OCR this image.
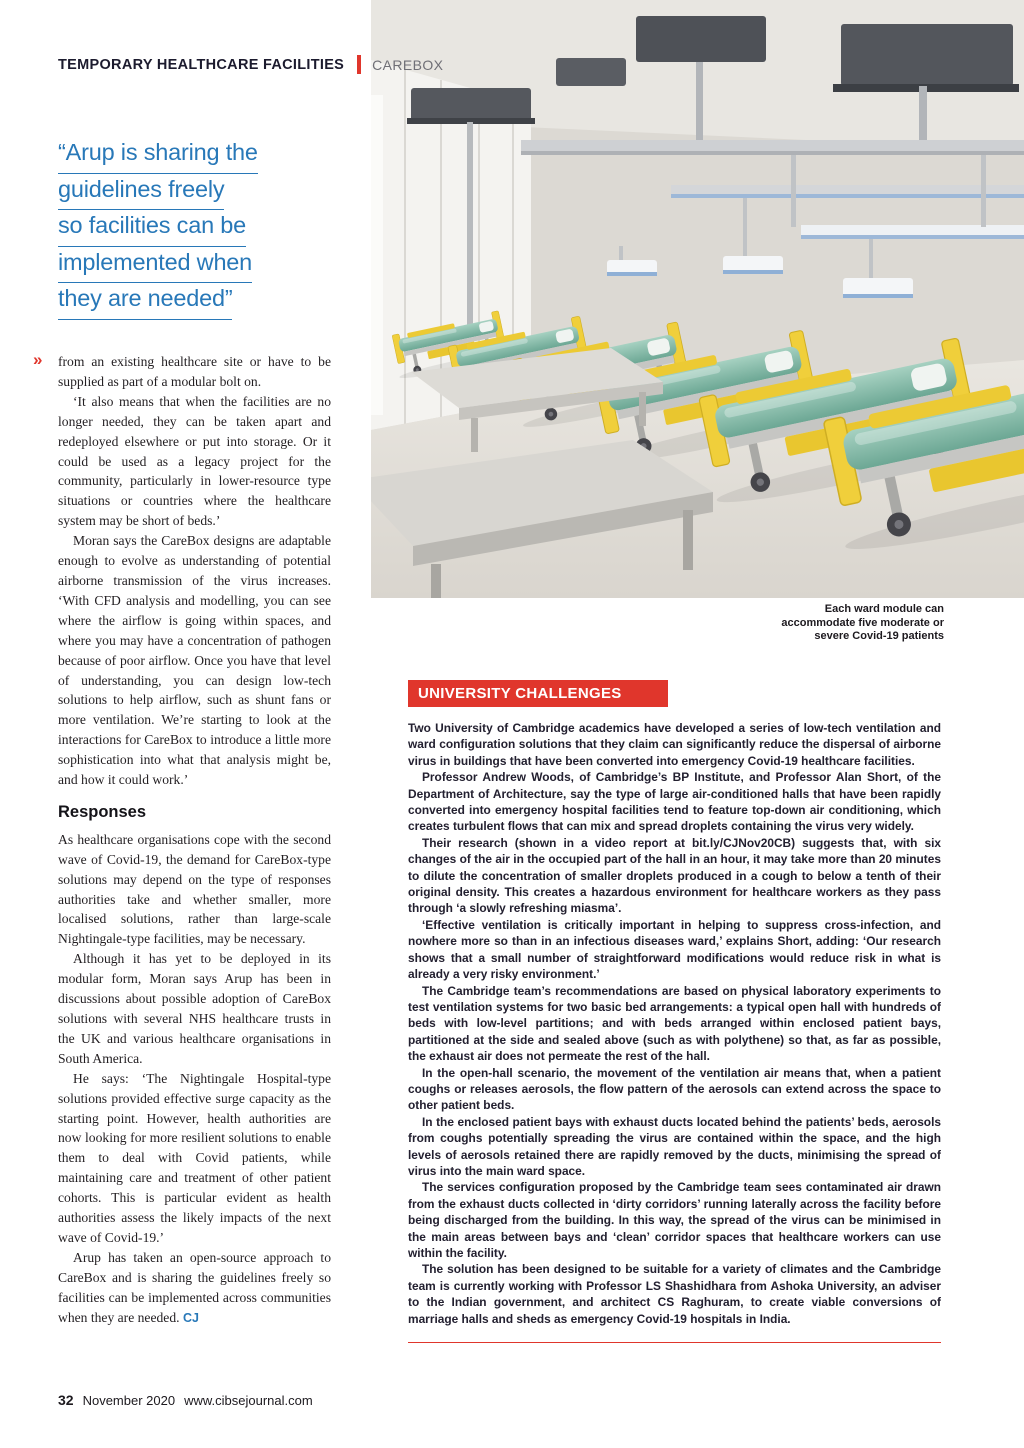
Each ward module can
accommodate five moderate or
severe Covid-19 patients
TEMPORARY HEALTHCARE FACILITIES CAREBOX
“Arup is sharing the
guidelines freely
so facilities can be
implemented when
they are needed”

» from an existing healthcare site or have to be supplied as part of a modular bolt on.

‘It also means that when the facilities are no longer needed, they can be taken apart and redeployed elsewhere or put into storage. Or it could be used as a legacy project for the community, particularly in lower-resource type situations or countries where the healthcare system may be short of beds.’

Moran says the CareBox designs are adaptable enough to evolve as understanding of potential airborne transmission of the virus increases. ‘With CFD analysis and modelling, you can see where the airflow is going within spaces, and where you may have a concentration of pathogen because of poor airflow. Once you have that level of understanding, you can design low-tech solutions to help airflow, such as shunt fans or more ventilation. We’re starting to look at the interactions for CareBox to introduce a little more sophistication into what that analysis might be, and how it could work.’

Responses

As healthcare organisations cope with the second wave of Covid-19, the demand for CareBox-type solutions may depend on the type of responses authorities take and whether smaller, more localised solutions, rather than large-scale Nightingale-type facilities, may be necessary.

Although it has yet to be deployed in its modular form, Moran says Arup has been in discussions about possible adoption of CareBox solutions with several NHS healthcare trusts in the UK and various healthcare organisations in South America.

He says: ‘The Nightingale Hospital-type solutions provided effective surge capacity as the starting point. However, health authorities are now looking for more resilient solutions to enable them to deal with Covid patients, while maintaining care and treatment of other patient cohorts. This is particular evident as health authorities assess the likely impacts of the next wave of Covid-19.’

Arup has taken an open-source approach to CareBox and is sharing the guidelines freely so facilities can be implemented across communities when they are needed. CJ

UNIVERSITY CHALLENGES

Two University of Cambridge academics have developed a series of low-tech ventilation and ward configuration solutions that they claim can significantly reduce the dispersal of airborne virus in buildings that have been converted into emergency Covid-19 healthcare facilities.

Professor Andrew Woods, of Cambridge’s BP Institute, and Professor Alan Short, of the Department of Architecture, say the type of large air-conditioned halls that have been rapidly converted into emergency hospital facilities tend to feature top-down air conditioning, which creates turbulent flows that can mix and spread droplets containing the virus very widely.

Their research (shown in a video report at bit.ly/CJNov20CB) suggests that, with six changes of the air in the occupied part of the hall in an hour, it may take more than 20 minutes to dilute the concentration of smaller droplets produced in a cough to below a tenth of their original density. This creates a hazardous environment for healthcare workers as they pass through ‘a slowly refreshing miasma’.

‘Effective ventilation is critically important in helping to suppress cross-infection, and nowhere more so than in an infectious diseases ward,’ explains Short, adding: ‘Our research shows that a small number of straightforward modifications would reduce risk in what is already a very risky environment.’

The Cambridge team’s recommendations are based on physical laboratory experiments to test ventilation systems for two basic bed arrangements: a typical open hall with hundreds of beds with low-level partitions; and with beds arranged within enclosed patient bays, partitioned at the side and sealed above (such as with polythene) so that, as far as possible, the exhaust air does not permeate the rest of the hall.

In the open-hall scenario, the movement of the ventilation air means that, when a patient coughs or releases aerosols, the flow pattern of the aerosols can extend across the space to other patient beds.

In the enclosed patient bays with exhaust ducts located behind the patients’ beds, aerosols from coughs potentially spreading the virus are contained within the space, and the high levels of aerosols retained there are rapidly removed by the ducts, minimising the spread of virus into the main ward space.

The services configuration proposed by the Cambridge team sees contaminated air drawn from the exhaust ducts collected in ‘dirty corridors’ running laterally across the facility before being discharged from the building. In this way, the spread of the virus can be minimised in the main areas between bays and ‘clean’ corridor spaces that healthcare workers can use within the facility.

The solution has been designed to be suitable for a variety of climates and the Cambridge team is currently working with Professor LS Shashidhara from Ashoka University, an adviser to the Indian government, and architect CS Raghuram, to create viable conversions of marriage halls and sheds as emergency Covid-19 hospitals in India.

32 November 2020 www.cibsejournal.com
